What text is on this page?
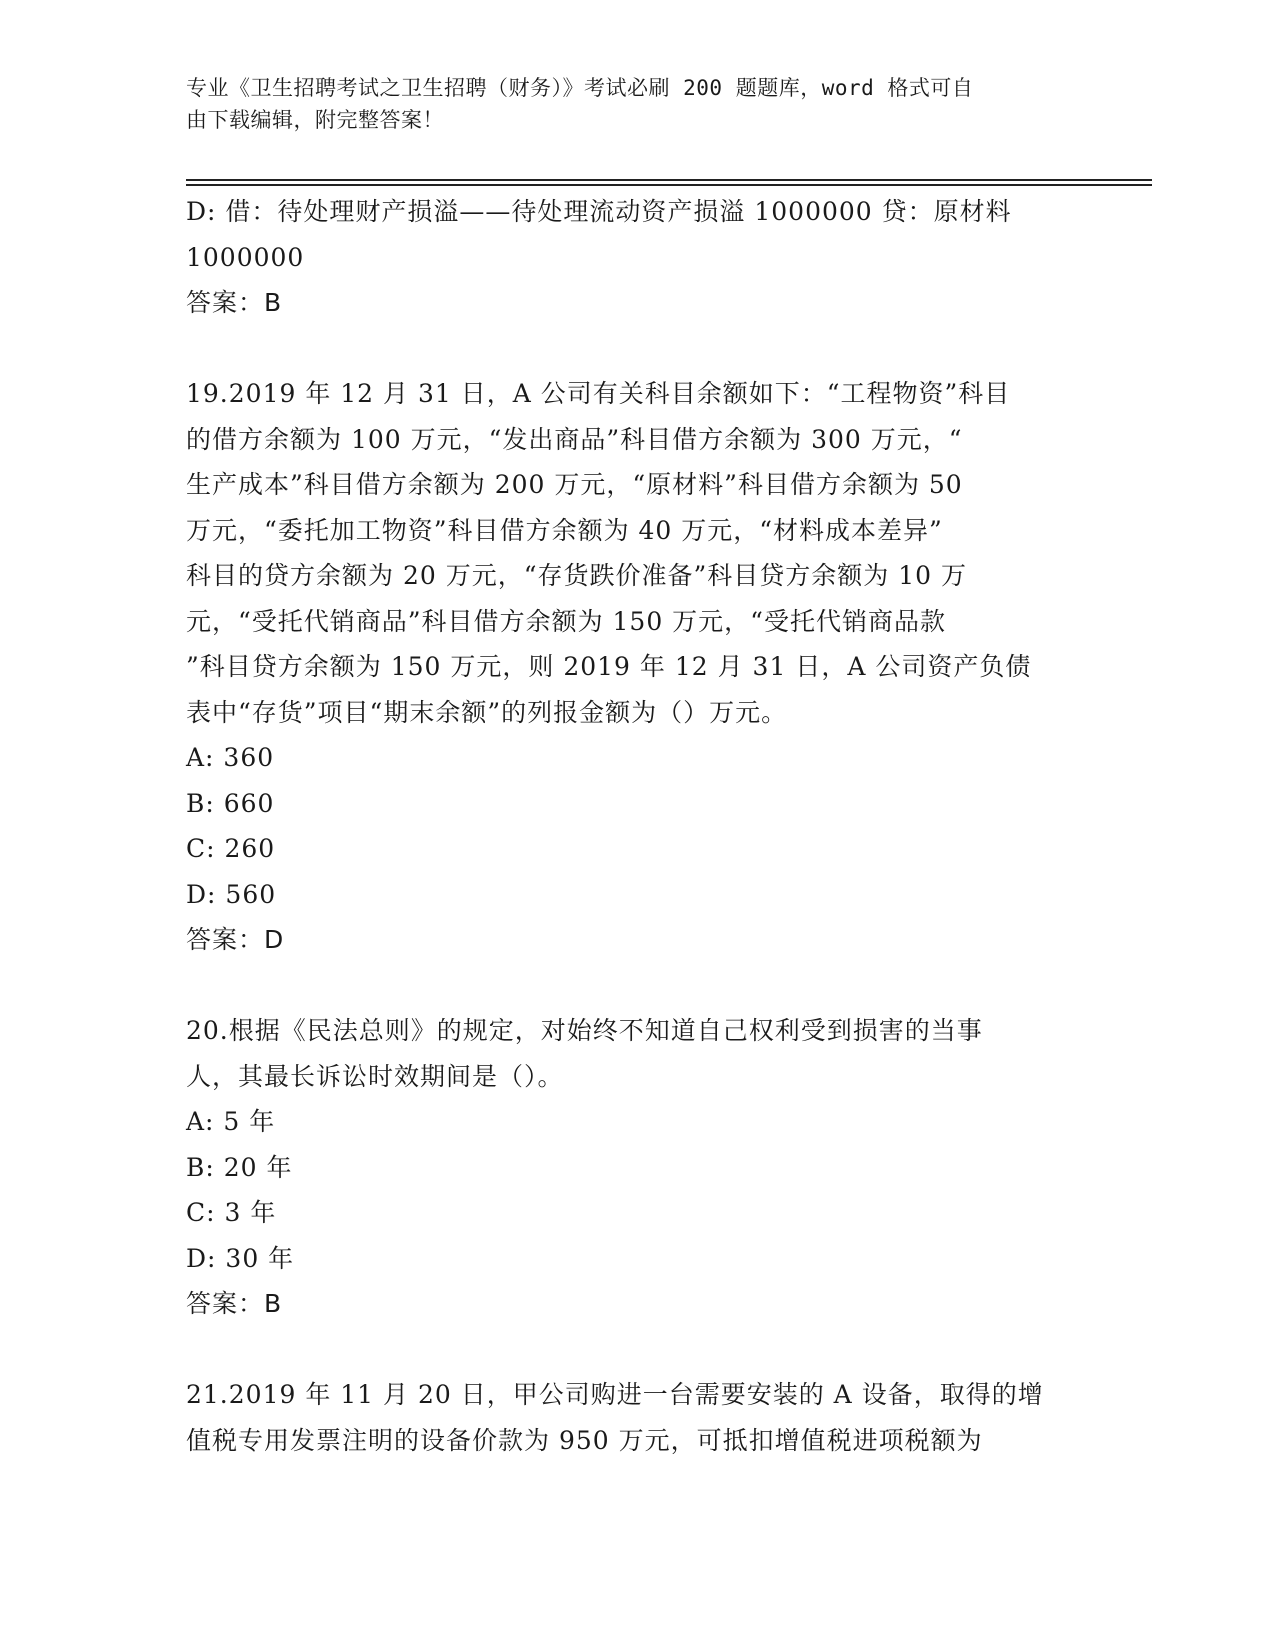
专业《卫生招聘考试之卫生招聘（财务）》考试必刷 200 题题库，word 格式可自
由下载编辑，附完整答案！
D: 借：待处理财产损溢——待处理流动资产损溢 1000000 贷：原材料
1000000
答案：B
19.2019 年 12 月 31 日，A 公司有关科目余额如下：“工程物资”科目
的借方余额为 100 万元，“发出商品”科目借方余额为 300 万元，“
生产成本”科目借方余额为 200 万元，“原材料”科目借方余额为 50
万元，“委托加工物资”科目借方余额为 40 万元，“材料成本差异”
科目的贷方余额为 20 万元，“存货跌价准备”科目贷方余额为 10 万
元，“受托代销商品”科目借方余额为 150 万元，“受托代销商品款
”科目贷方余额为 150 万元，则 2019 年 12 月 31 日，A 公司资产负债
表中“存货”项目“期末余额”的列报金额为（）万元。
A: 360
B: 660
C: 260
D: 560
答案：D
20.根据《民法总则》的规定，对始终不知道自己权利受到损害的当事
人，其最长诉讼时效期间是（）。
A: 5 年
B: 20 年
C: 3 年
D: 30 年
答案：B
21.2019 年 11 月 20 日，甲公司购进一台需要安装的 A 设备，取得的增
值税专用发票注明的设备价款为 950 万元，可抵扣增值税进项税额为
